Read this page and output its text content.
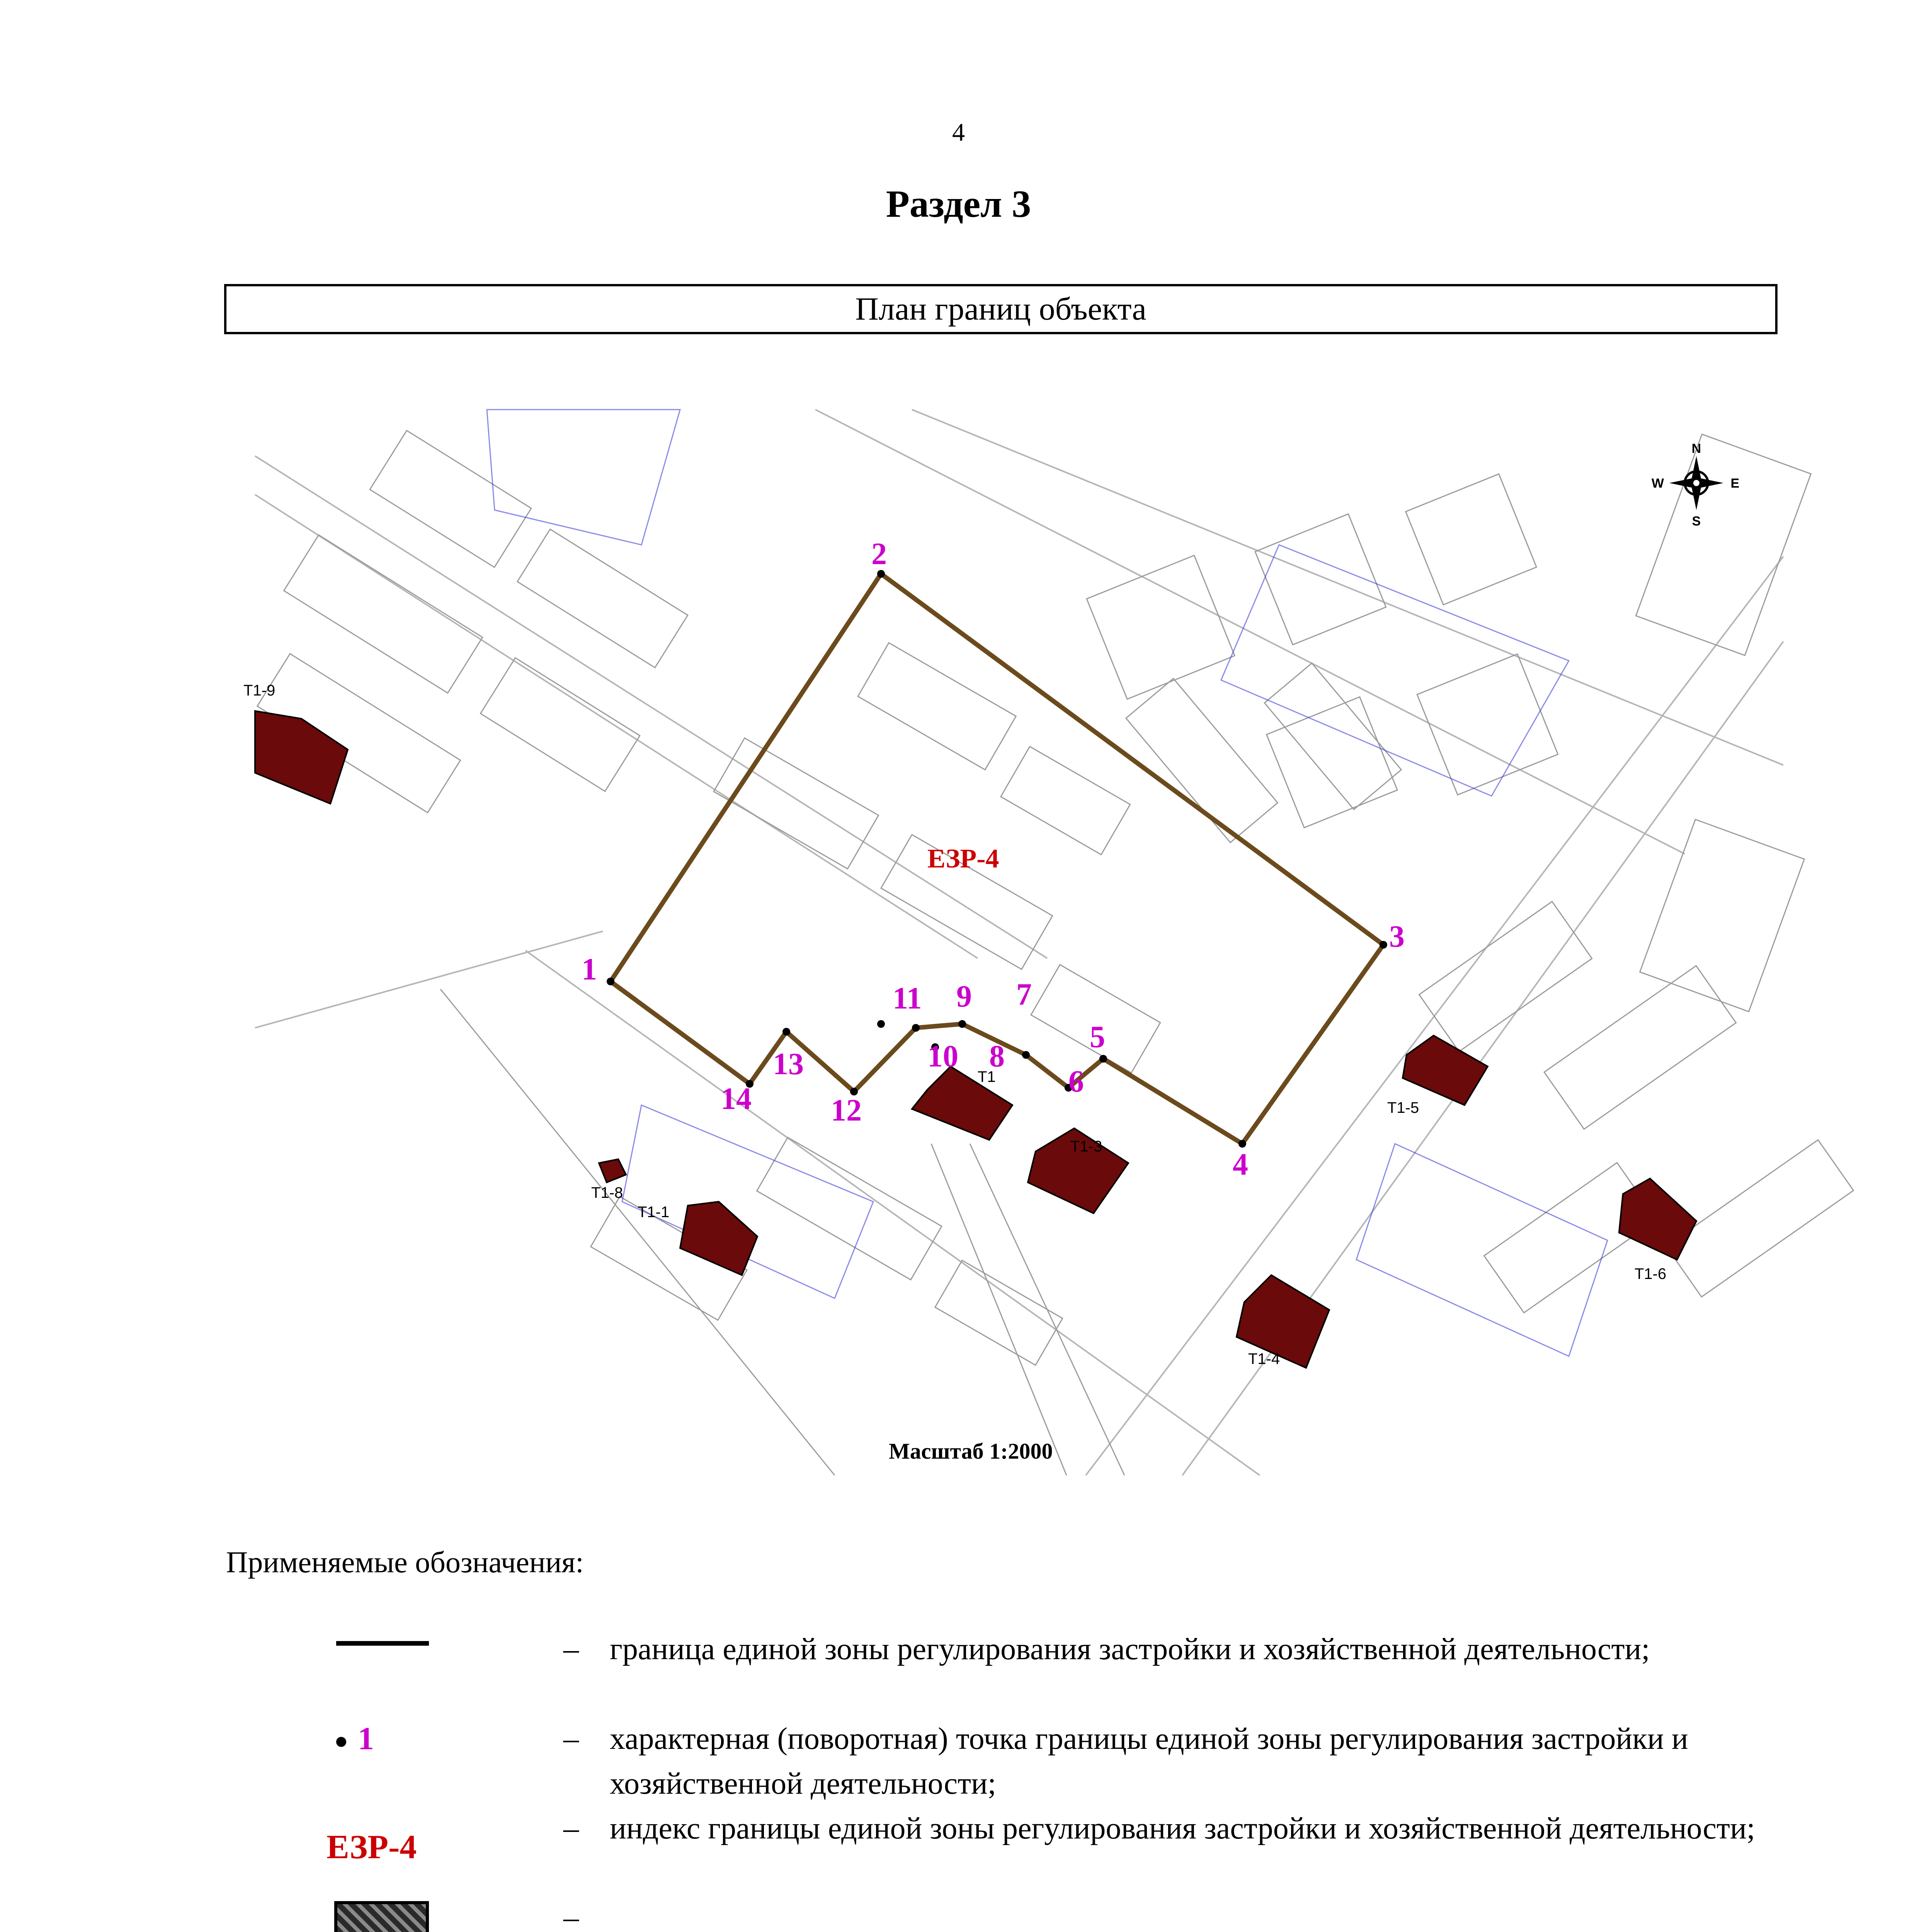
4
Раздел 3
План границ объекта
1
2
3
4
5
6
7
8
9
10
11
12
13
14
ЕЗР-4
Т1-9
Т1-8
Т1-1
Т1
Т1-3
Т1-4
Т1-5
Т1-6
N
S
W	E
Масштаб 1:2000
Применяемые обозначения:
1
ЕЗР-4
– граница единой зоны регулирования застройки и хозяйственной деятельности;
– характерная (поворотная) точка границы единой зоны регулирования застройки и хозяйственной деятельности;
– индекс границы единой зоны регулирования застройки и хозяйственной деятельности;
–
